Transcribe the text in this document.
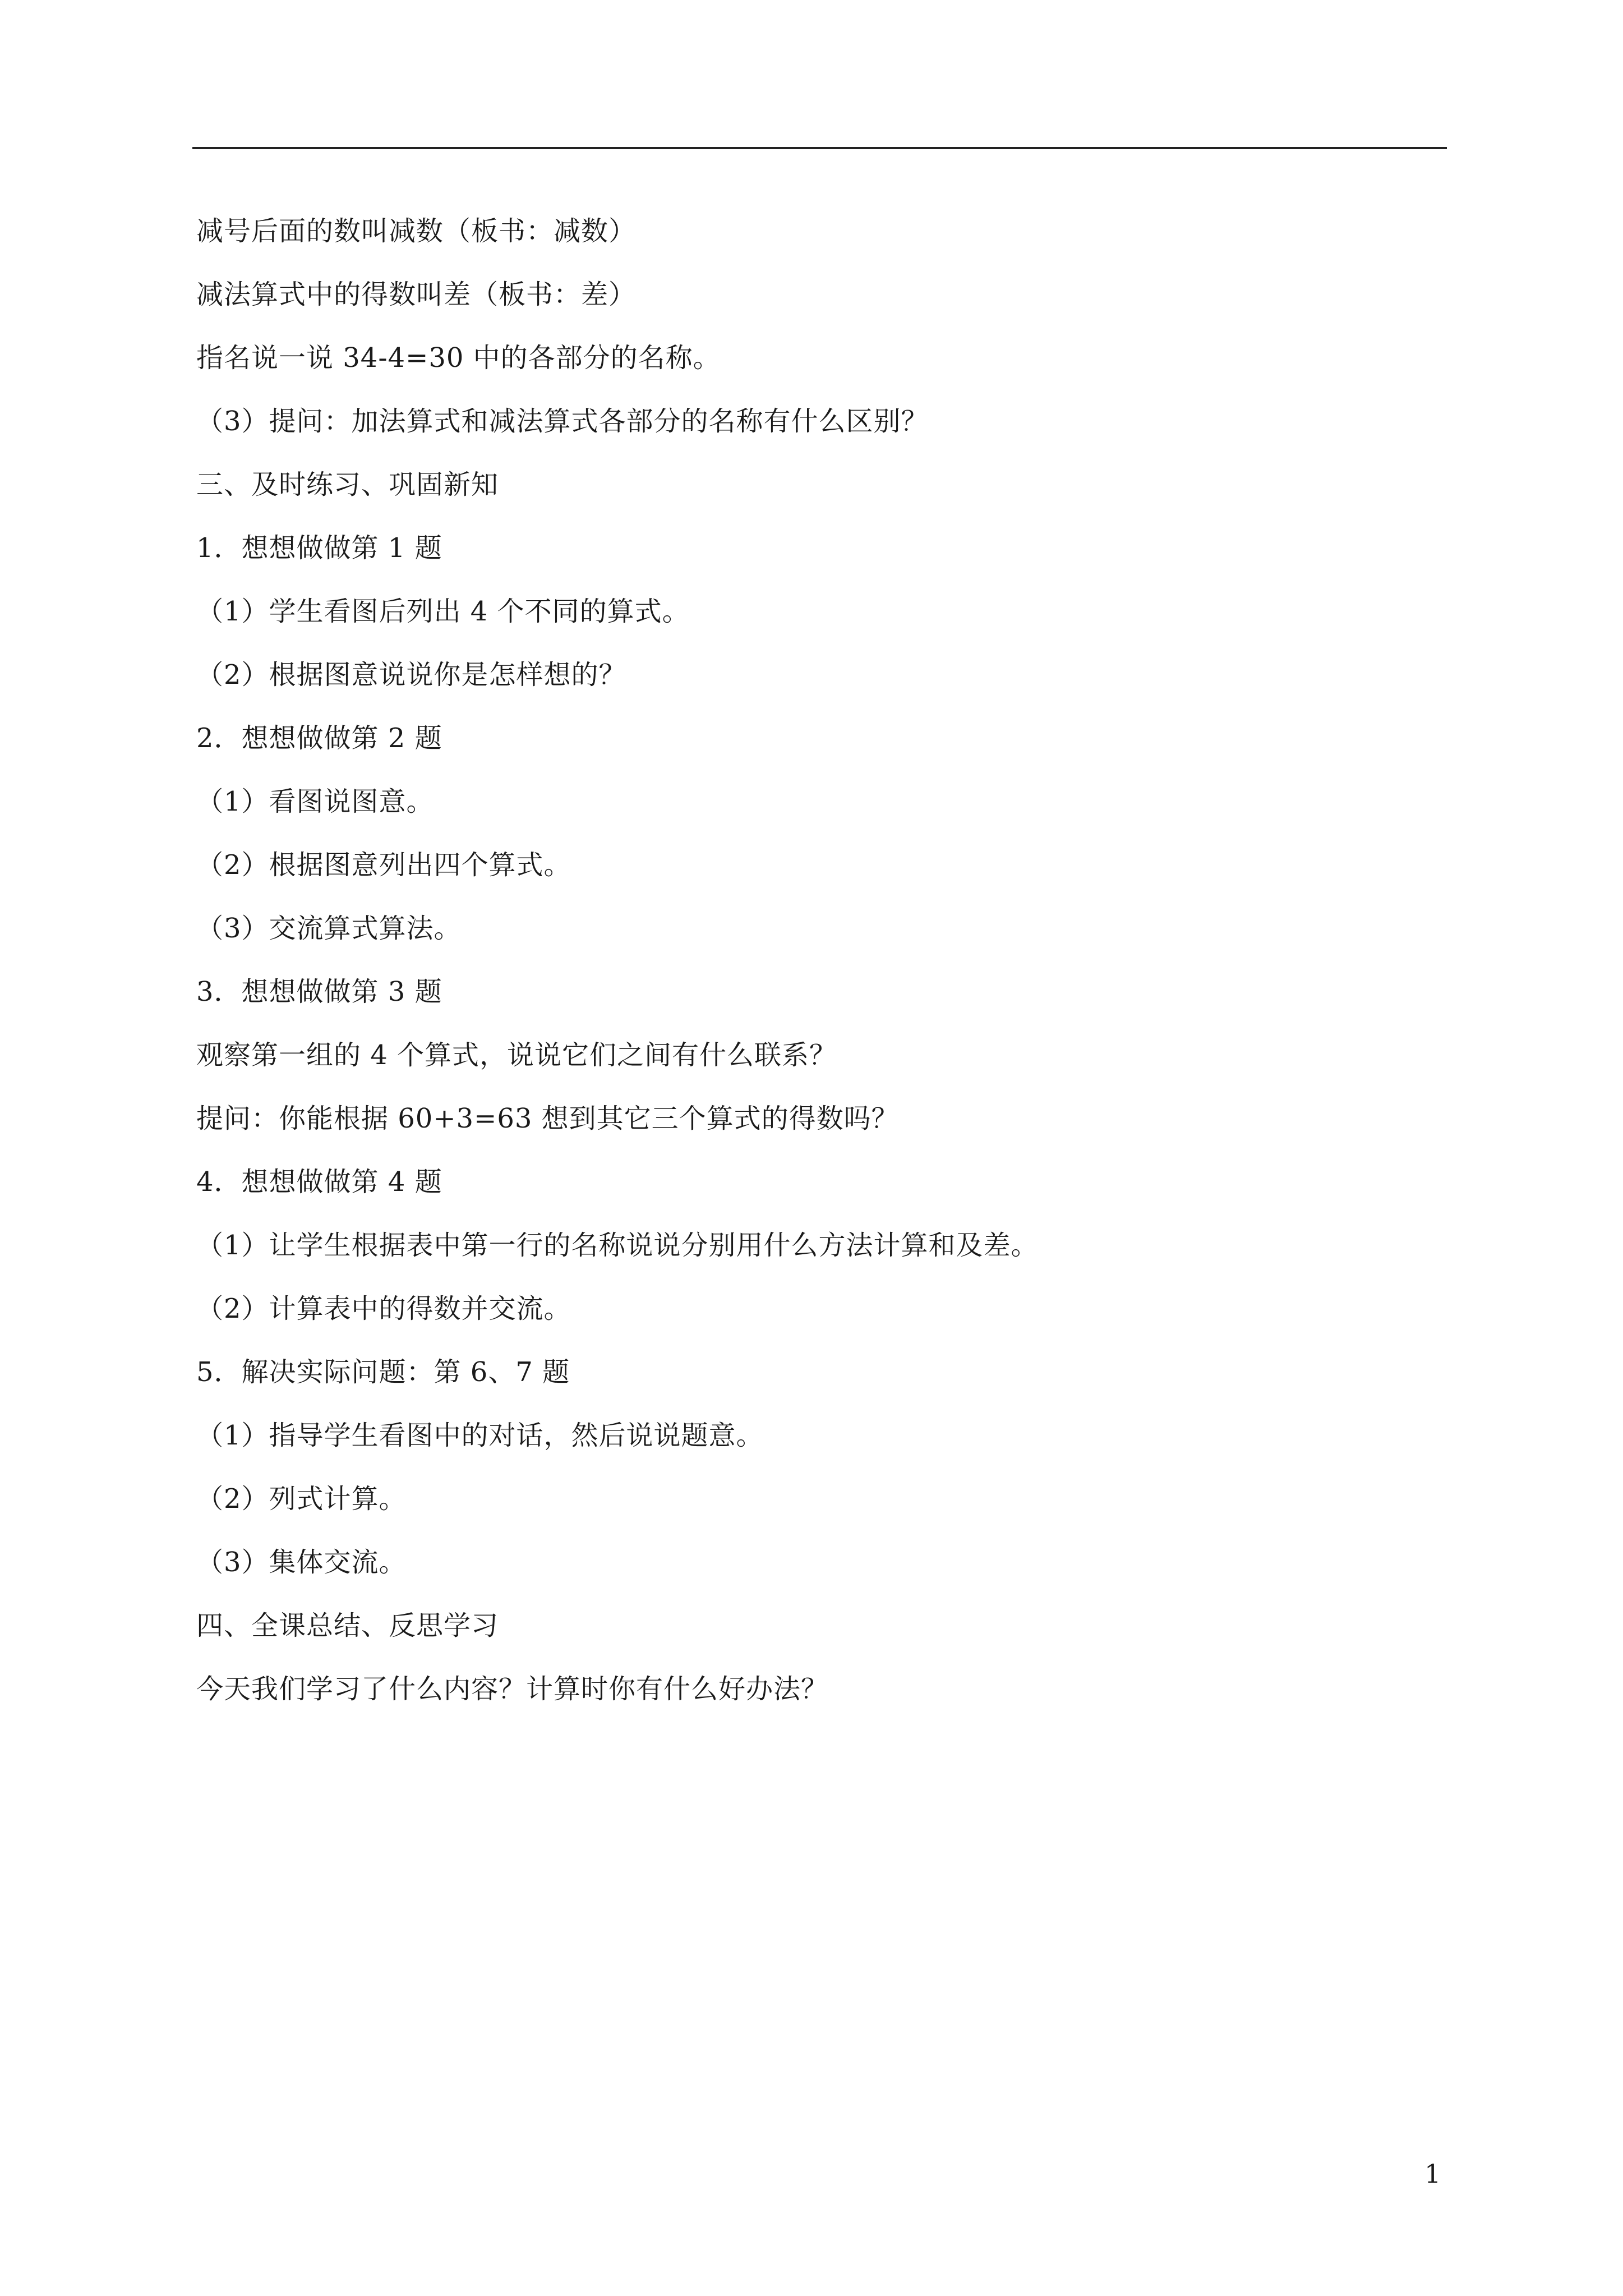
减号后面的数叫减数（板书：减数）
减法算式中的得数叫差（板书：差）
指名说一说 34-4=30 中的各部分的名称。
（3）提问：加法算式和减法算式各部分的名称有什么区别？
三、及时练习、巩固新知
1．想想做做第 1 题
（1）学生看图后列出 4 个不同的算式。
（2）根据图意说说你是怎样想的？
2．想想做做第 2 题
（1）看图说图意。
（2）根据图意列出四个算式。
（3）交流算式算法。
3．想想做做第 3 题
观察第一组的 4 个算式，说说它们之间有什么联系？
提问：你能根据 60+3=63 想到其它三个算式的得数吗？
4．想想做做第 4 题
（1）让学生根据表中第一行的名称说说分别用什么方法计算和及差。
（2）计算表中的得数并交流。
5．解决实际问题：第 6、7 题
（1）指导学生看图中的对话，然后说说题意。
（2）列式计算。
（3）集体交流。
四、全课总结、反思学习
今天我们学习了什么内容？计算时你有什么好办法？
1
